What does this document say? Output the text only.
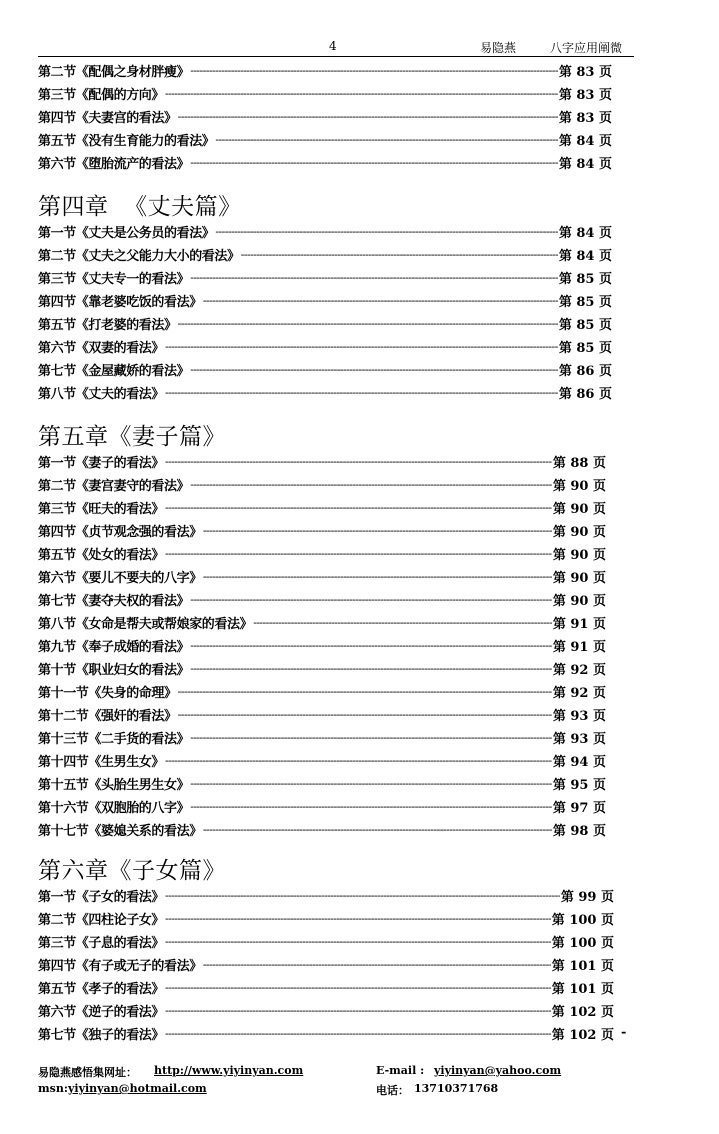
4	易隐燕	八字应用阐微
第二节《配偶之身材胖瘦》 -----	第 83 页
第三节《配偶的方向》 -----	第 83 页
第四节《夫妻宫的看法》 -----	第 83 页
第五节《没有生育能力的看法》 -----	第 84 页
第六节《堕胎流产的看法》 -----	第 84 页
第四章  《丈夫篇》
第一节《丈夫是公务员的看法》 -----	第 84 页
第二节《丈夫之父能力大小的看法》 -----	第 84 页
第三节《丈夫专一的看法》 -----	第 85 页
第四节《靠老婆吃饭的看法》 -----	第 85 页
第五节《打老婆的看法》 -----	第 85 页
第六节《双妻的看法》 -----	第 85 页
第七节《金屋藏娇的看法》 -----	第 86 页
第八节《丈夫的看法》 -----	第 86 页
第五章《妻子篇》
第一节《妻子的看法》 -----	第 88 页
第二节《妻宫妻守的看法》 -----	第 90 页
第三节《旺夫的看法》 -----	第 90 页
第四节《贞节观念强的看法》 -----	第 90 页
第五节《处女的看法》 -----	第 90 页
第六节《要儿不要夫的八字》 -----	第 90 页
第七节《妻夺夫权的看法》 -----	第 90 页
第八节《女命是帮夫或帮娘家的看法》 -----	第 91 页
第九节《奉子成婚的看法》 -----	第 91 页
第十节《职业妇女的看法》 -----	第 92 页
第十一节《失身的命理》 -----	第 92 页
第十二节《强奸的看法》 -----	第 93 页
第十三节《二手货的看法》 -----	第 93 页
第十四节《生男生女》 -----	第 94 页
第十五节《头胎生男生女》 -----	第 95 页
第十六节《双胞胎的八字》 -----	第 97 页
第十七节《婆媳关系的看法》 -----	第 98 页
第六章《子女篇》
第一节《子女的看法》 -----	第 99 页
第二节《四柱论子女》 -----	第 100 页
第三节《子息的看法》 -----	第 100 页
第四节《有子或无子的看法》 -----	第 101 页
第五节《孝子的看法》 -----	第 101 页
第六节《逆子的看法》 -----	第 102 页
第七节《独子的看法》 -----	第 102 页 -
易隐燕感悟集网址： http://www.yiyinyan.com
msn: yiyinyan@hotmail.com
E-mail : yiyinyan@yahoo.com
电话： 13710371768
